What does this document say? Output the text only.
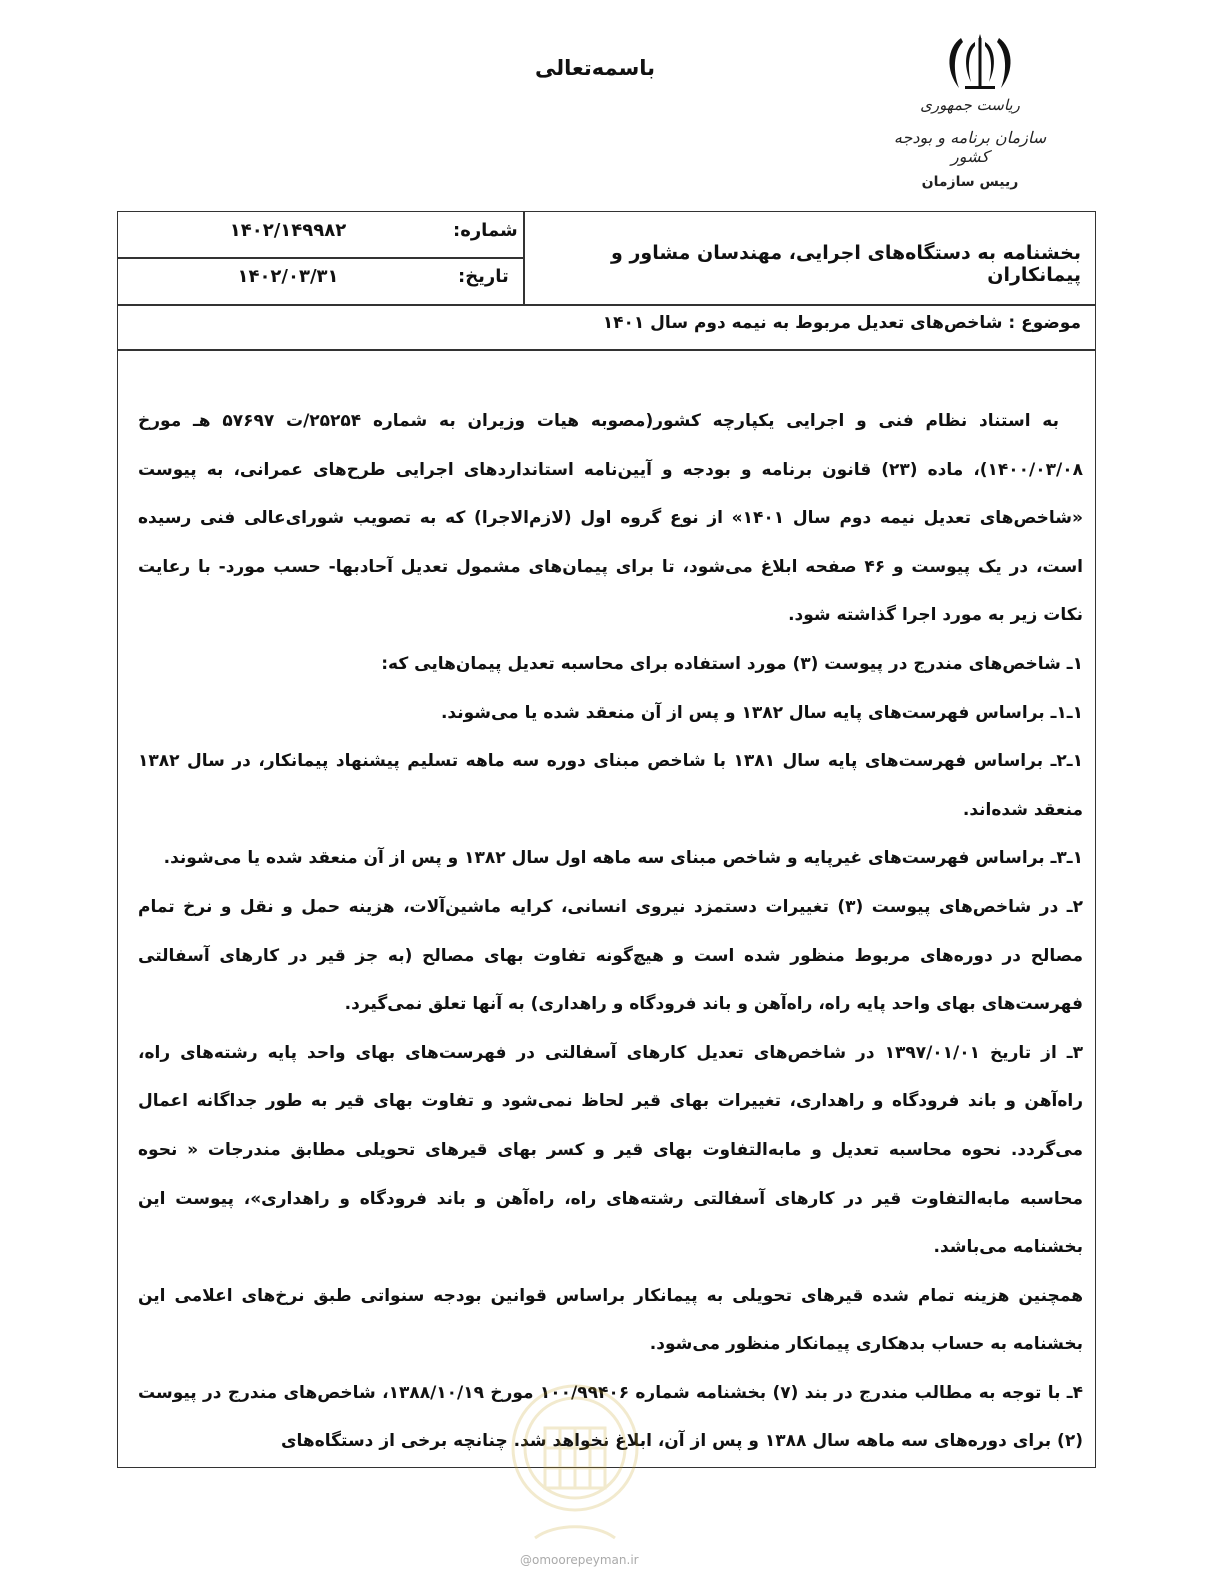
باسمه‌تعالی
ریاست جمهوری
سازمان برنامه و بودجه کشور
رییس سازمان
شماره:
۱۴۰۲/۱۴۹۹۸۲
تاریخ:
۱۴۰۲/۰۳/۳۱
بخشنامه به دستگاه‌های اجرایی، مهندسان مشاور و پیمانکاران
موضوع : شاخص‌های تعدیل مربوط به نیمه دوم سال ۱۴۰۱

به استناد نظام فنی و اجرایی یکپارچه کشور(مصوبه هیات وزیران به شماره ۲۵۲۵۴/ت ۵۷۶۹۷ هـ مورخ ۱۴۰۰/۰۳/۰۸)، ماده (۲۳) قانون برنامه و بودجه و آیین‌نامه استانداردهای اجرایی طرح‌های عمرانی، به پیوست «شاخص‌های تعدیل نیمه دوم سال ۱۴۰۱» از نوع گروه اول (لازم‌الاجرا) که به تصویب شورای‌عالی فنی رسیده است، در یک پیوست و ۴۶ صفحه ابلاغ می‌شود، تا برای پیمان‌های مشمول تعدیل آحادبها- حسب مورد- با رعایت نکات زیر به مورد اجرا گذاشته شود.

۱ـ شاخص‌های مندرج در پیوست (۳) مورد استفاده برای محاسبه تعدیل پیمان‌هایی که:

۱ـ۱ـ براساس فهرست‌های پایه سال ۱۳۸۲ و پس از آن منعقد شده یا می‌شوند.

۱ـ۲ـ براساس فهرست‌های پایه سال ۱۳۸۱ با شاخص مبنای دوره سه ماهه تسلیم پیشنهاد پیمانکار، در سال ۱۳۸۲ منعقد شده‌اند.

۱ـ۳ـ براساس فهرست‌های غیرپایه و شاخص مبنای سه ماهه اول سال ۱۳۸۲ و پس از آن منعقد شده یا می‌شوند.

۲ـ در شاخص‌های پیوست (۳) تغییرات دستمزد نیروی انسانی، کرایه ماشین‌آلات، هزینه حمل و نقل و نرخ تمام مصالح در دوره‌های مربوط منظور شده است و هیچ‌گونه تفاوت بهای مصالح (به جز قیر در کارهای آسفالتی فهرست‌های بهای واحد پایه راه، راه‌آهن و باند فرودگاه و راهداری) به آنها تعلق نمی‌گیرد.

۳ـ از تاریخ ۱۳۹۷/۰۱/۰۱ در شاخص‌های تعدیل کارهای آسفالتی در فهرست‌های بهای واحد پایه رشته‌های راه، راه‌آهن و باند فرودگاه و راهداری، تغییرات بهای قیر لحاظ نمی‌شود و تفاوت بهای قیر به طور جداگانه اعمال می‌گردد. نحوه محاسبه تعدیل و مابه‌التفاوت بهای قیر و کسر بهای قیرهای تحویلی مطابق مندرجات « نحوه محاسبه مابه‌التفاوت قیر در کارهای آسفالتی رشته‌های راه، راه‌آهن و باند فرودگاه و راهداری»، پیوست این بخشنامه می‌باشد.

همچنین هزینه تمام شده قیرهای تحویلی به پیمانکار براساس قوانین بودجه سنواتی طبق نرخ‌های اعلامی این بخشنامه به حساب بدهکاری پیمانکار منظور می‌شود.

۴ـ با توجه به مطالب مندرج در بند (۷) بخشنامه شماره ۱۰۰/۹۹۴۰۶ مورخ ۱۳۸۸/۱۰/۱۹، شاخص‌های مندرج در پیوست (۲) برای دوره‌های سه ماهه سال ۱۳۸۸ و پس از آن، ابلاغ نخواهد شد. چنانچه برخی از دستگاه‌های

@omoorepeyman.ir
